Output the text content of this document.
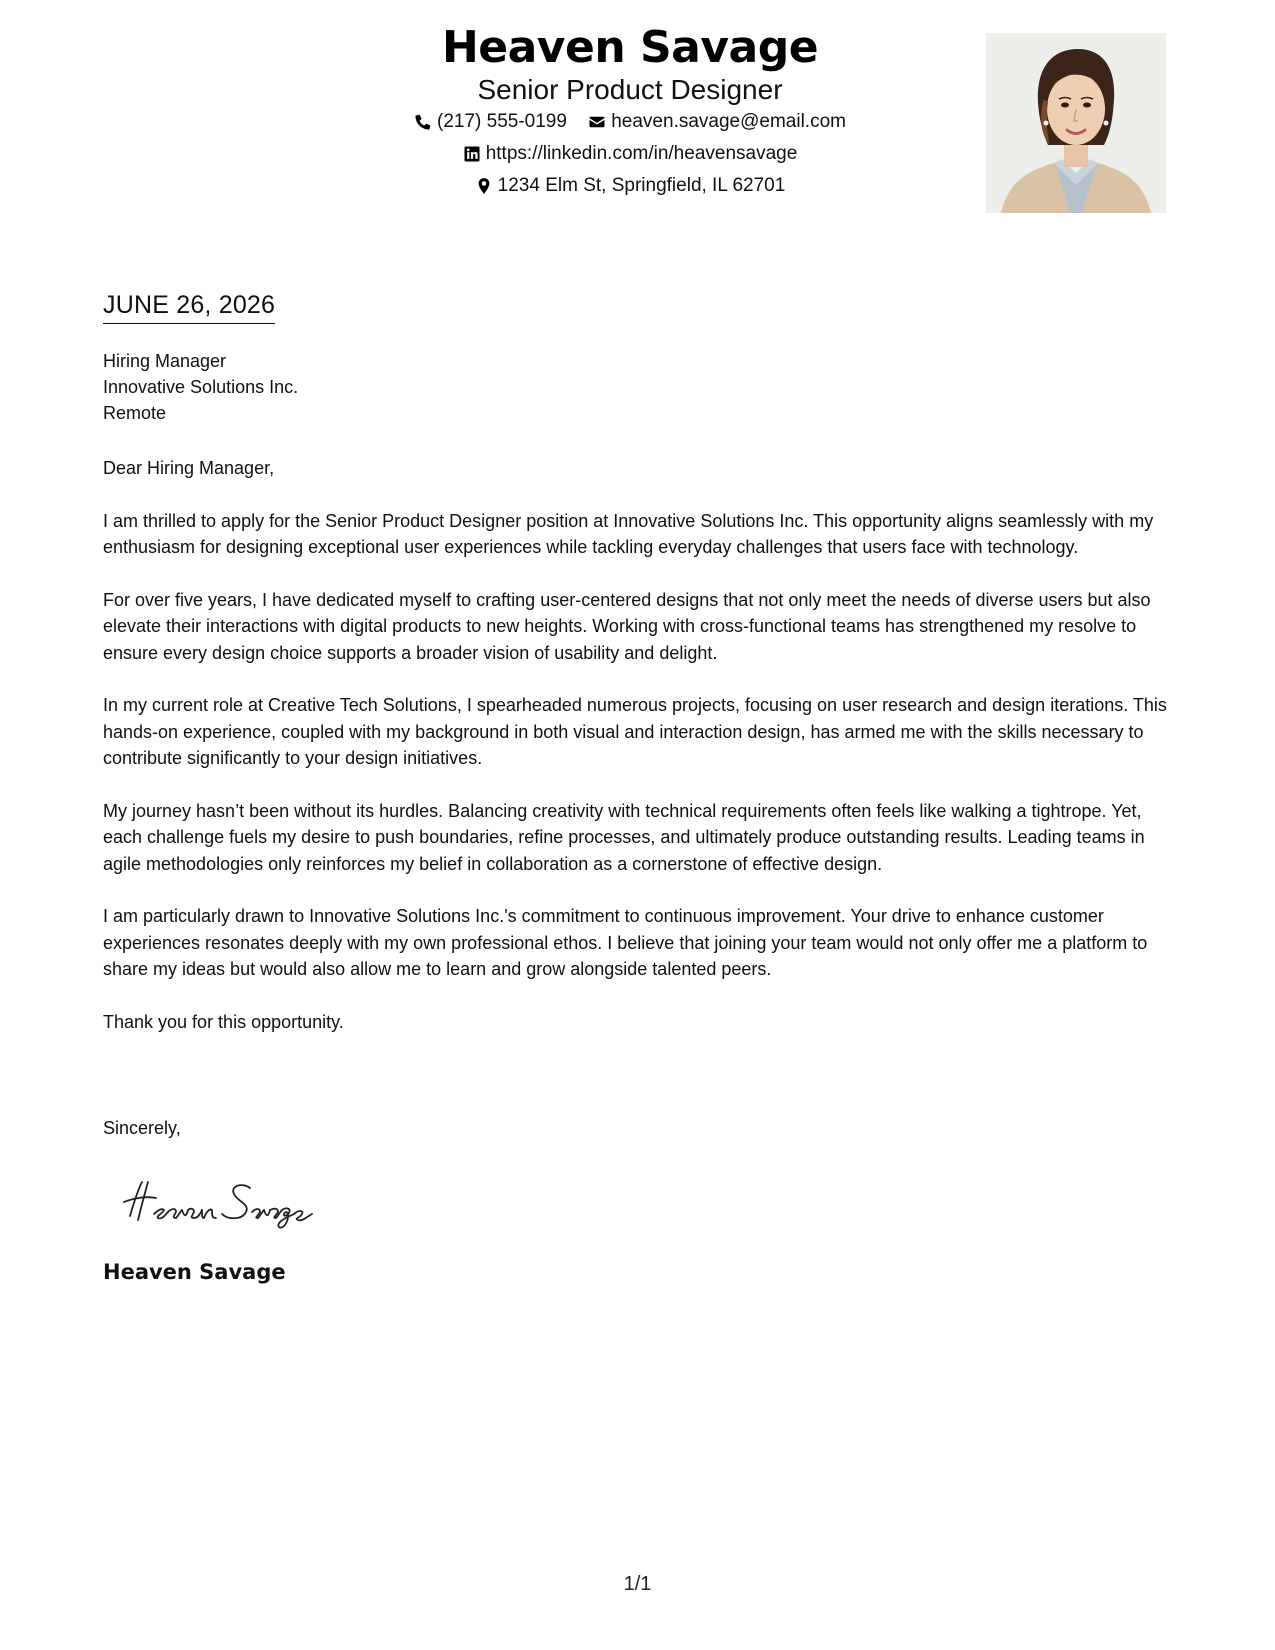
Heaven Savage
Senior Product Designer
(217) 555-0199
heaven.savage@email.com
https://linkedin.com/in/heavensavage
1234 Elm St, Springfield, IL 62701
JUNE 26, 2026
Hiring Manager
Innovative Solutions Inc.
Remote

Dear Hiring Manager,

I am thrilled to apply for the Senior Product Designer position at Innovative Solutions Inc. This opportunity aligns seamlessly with my enthusiasm for designing exceptional user experiences while tackling everyday challenges that users face with technology.

For over five years, I have dedicated myself to crafting user-centered designs that not only meet the needs of diverse users but also elevate their interactions with digital products to new heights. Working with cross-functional teams has strengthened my resolve to ensure every design choice supports a broader vision of usability and delight.

In my current role at Creative Tech Solutions, I spearheaded numerous projects, focusing on user research and design iterations. This hands-on experience, coupled with my background in both visual and interaction design, has armed me with the skills necessary to contribute significantly to your design initiatives.

My journey hasn’t been without its hurdles. Balancing creativity with technical requirements often feels like walking a tightrope. Yet, each challenge fuels my desire to push boundaries, refine processes, and ultimately produce outstanding results. Leading teams in agile methodologies only reinforces my belief in collaboration as a cornerstone of effective design.

I am particularly drawn to Innovative Solutions Inc.'s commitment to continuous improvement. Your drive to enhance customer experiences resonates deeply with my own professional ethos. I believe that joining your team would not only offer me a platform to share my ideas but would also allow me to learn and grow alongside talented peers.

Thank you for this opportunity.

Sincerely,
Heaven Savage
1/1
